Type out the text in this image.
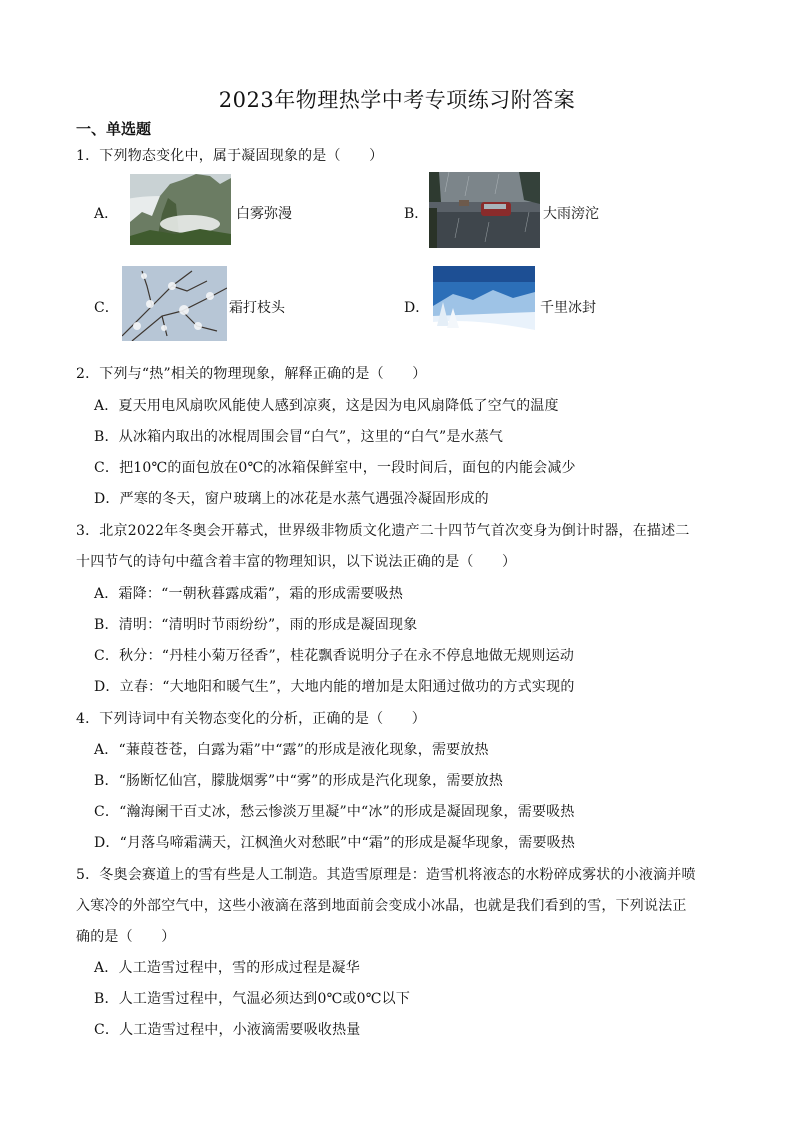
2023年物理热学中考专项练习附答案
一、单选题
1．下列物态变化中，属于凝固现象的是（　　）
A．	白雾弥漫	B．	大雨滂沱
C．	霜打枝头	D．	千里冰封
2．下列与“热”相关的物理现象，解释正确的是（　　）
A．夏天用电风扇吹风能使人感到凉爽，这是因为电风扇降低了空气的温度
B．从冰箱内取出的冰棍周围会冒“白气”，这里的“白气”是水蒸气
C．把10℃的面包放在0℃的冰箱保鲜室中，一段时间后，面包的内能会减少
D．严寒的冬天，窗户玻璃上的冰花是水蒸气遇强冷凝固形成的
3．北京2022年冬奥会开幕式，世界级非物质文化遗产二十四节气首次变身为倒计时器，在描述二
十四节气的诗句中蕴含着丰富的物理知识，以下说法正确的是（　　）
A．霜降：“一朝秋暮露成霜”，霜的形成需要吸热
B．清明：“清明时节雨纷纷”，雨的形成是凝固现象
C．秋分：“丹桂小菊万径香”，桂花飘香说明分子在永不停息地做无规则运动
D．立春：“大地阳和暖气生”，大地内能的增加是太阳通过做功的方式实现的
4．下列诗词中有关物态变化的分析，正确的是（　　）
A．“蒹葭苍苍，白露为霜”中“露”的形成是液化现象，需要放热
B．“肠断忆仙宫，朦胧烟雾”中“雾”的形成是汽化现象，需要放热
C．“瀚海阑干百丈冰，愁云惨淡万里凝”中“冰”的形成是凝固现象，需要吸热
D．“月落乌啼霜满天，江枫渔火对愁眠”中“霜”的形成是凝华现象，需要吸热
5．冬奥会赛道上的雪有些是人工制造。其造雪原理是：造雪机将液态的水粉碎成雾状的小液滴并喷
入寒冷的外部空气中，这些小液滴在落到地面前会变成小冰晶，也就是我们看到的雪，下列说法正
确的是（　　）
A．人工造雪过程中，雪的形成过程是凝华
B．人工造雪过程中，气温必须达到0℃或0℃以下
C．人工造雪过程中，小液滴需要吸收热量
